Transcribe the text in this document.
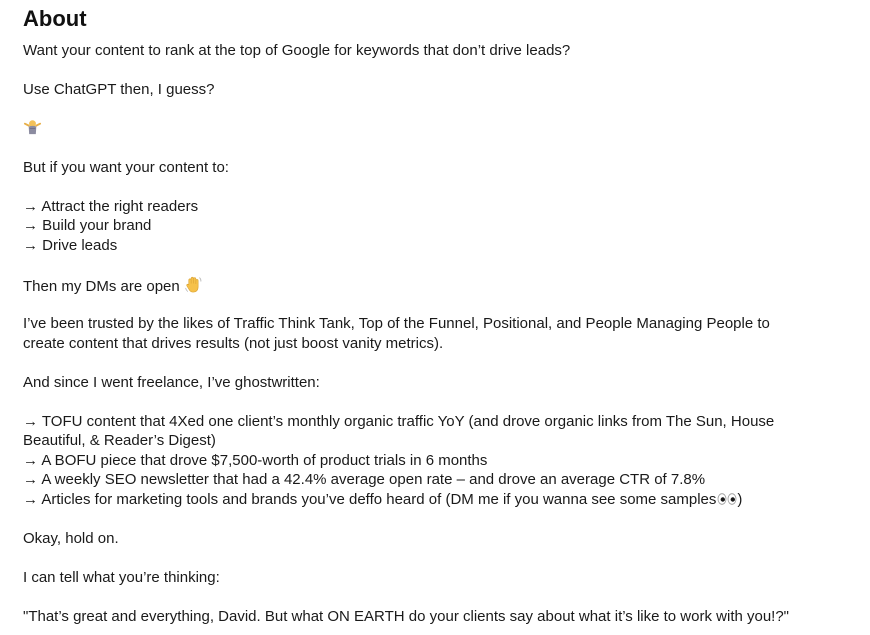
About

Want your content to rank at the top of Google for keywords that don’t drive leads?

Use ChatGPT then, I guess?

But if you want your content to:

→ Attract the right readers

→ Build your brand

→ Drive leads

Then my DMs are open

I’ve been trusted by the likes of Traffic Think Tank, Top of the Funnel, Positional, and People Managing People to

create content that drives results (not just boost vanity metrics).

And since I went freelance, I’ve ghostwritten:

→ TOFU content that 4Xed one client’s monthly organic traffic YoY (and drove organic links from The Sun, House

Beautiful, & Reader’s Digest)

→ A BOFU piece that drove $7,500-worth of product trials in 6 months

→ A weekly SEO newsletter that had a 42.4% average open rate – and drove an average CTR of 7.8%

→ Articles for marketing tools and brands you’ve deffo heard of (DM me if you wanna see some samples )

Okay, hold on.

I can tell what you’re thinking:

"That’s great and everything, David. But what ON EARTH do your clients say about what it’s like to work with you!?"
